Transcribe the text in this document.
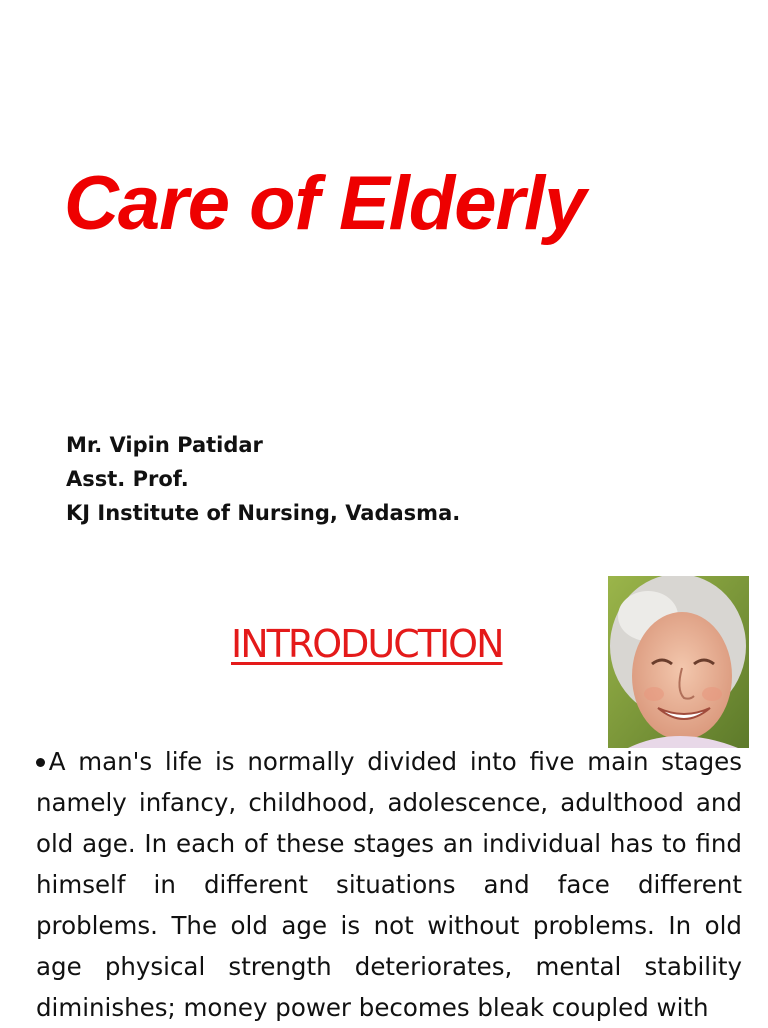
Care of Elderly
Mr. Vipin Patidar
Asst. Prof.
KJ Institute of Nursing, Vadasma.
INTRODUCTION
A man's life is normally divided into five main stages namely infancy, childhood, adolescence, adulthood and old age. In each of these stages an individual has to find himself in different situations and face different problems. The old age is not without problems. In old age physical strength deteriorates, mental stability diminishes; money power becomes bleak coupled with
